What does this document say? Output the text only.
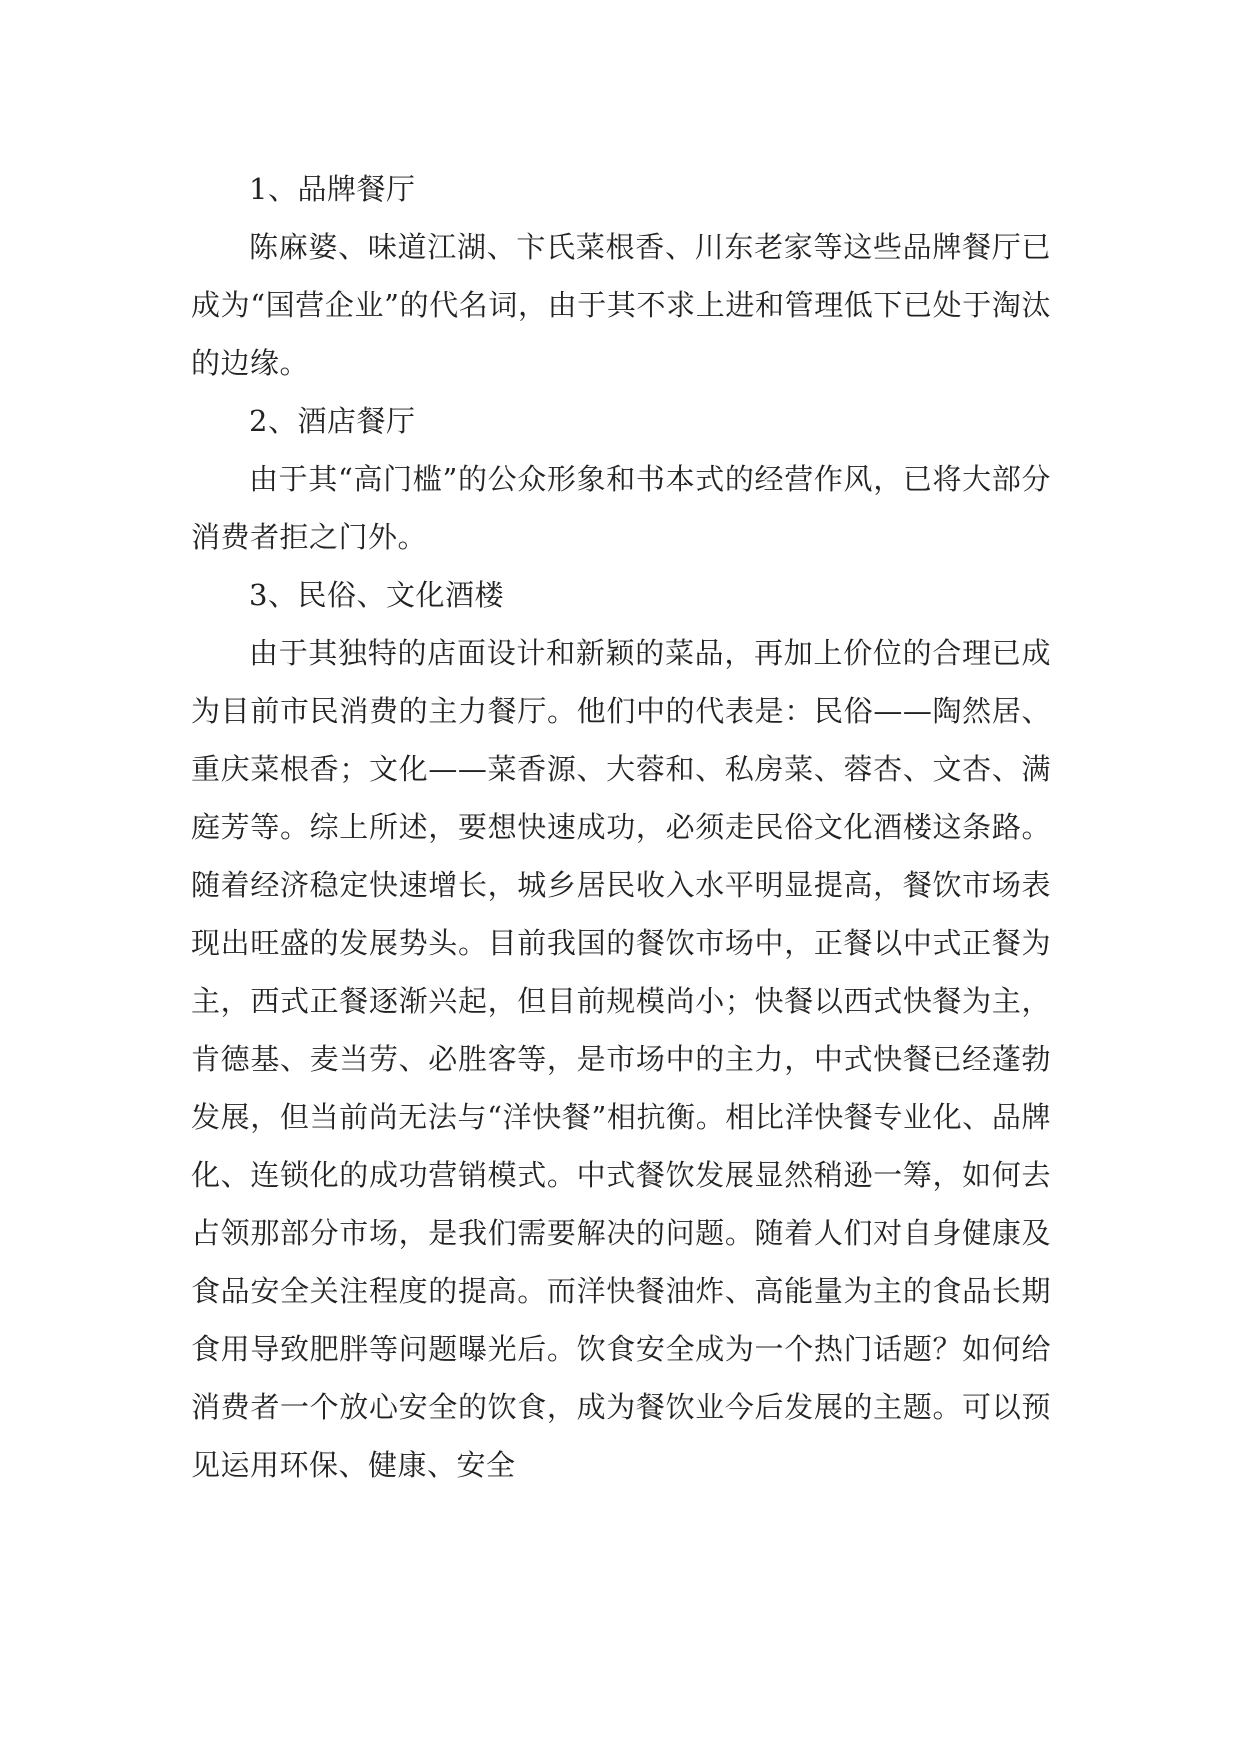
1、品牌餐厅

陈麻婆、味道江湖、卞氏菜根香、川东老家等这些品牌餐厅已成为“国营企业”的代名词，由于其不求上进和管理低下已处于淘汰的边缘。

2、酒店餐厅

由于其“高门槛”的公众形象和书本式的经营作风，已将大部分消费者拒之门外。

3、民俗、文化酒楼

由于其独特的店面设计和新颖的菜品，再加上价位的合理已成为目前市民消费的主力餐厅。他们中的代表是：民俗——陶然居、重庆菜根香；文化——菜香源、大蓉和、私房菜、蓉杏、文杏、满庭芳等。综上所述，要想快速成功，必须走民俗文化酒楼这条路。随着经济稳定快速增长，城乡居民收入水平明显提高，餐饮市场表现出旺盛的发展势头。目前我国的餐饮市场中，正餐以中式正餐为主，西式正餐逐渐兴起，但目前规模尚小；快餐以西式快餐为主，肯德基、麦当劳、必胜客等，是市场中的主力，中式快餐已经蓬勃发展，但当前尚无法与“洋快餐”相抗衡。相比洋快餐专业化、品牌化、连锁化的成功营销模式。中式餐饮发展显然稍逊一筹，如何去占领那部分市场，是我们需要解决的问题。随着人们对自身健康及食品安全关注程度的提高。而洋快餐油炸、高能量为主的食品长期食用导致肥胖等问题曝光后。饮食安全成为一个热门话题？如何给消费者一个放心安全的饮食，成为餐饮业今后发展的主题。可以预见运用环保、健康、安全
